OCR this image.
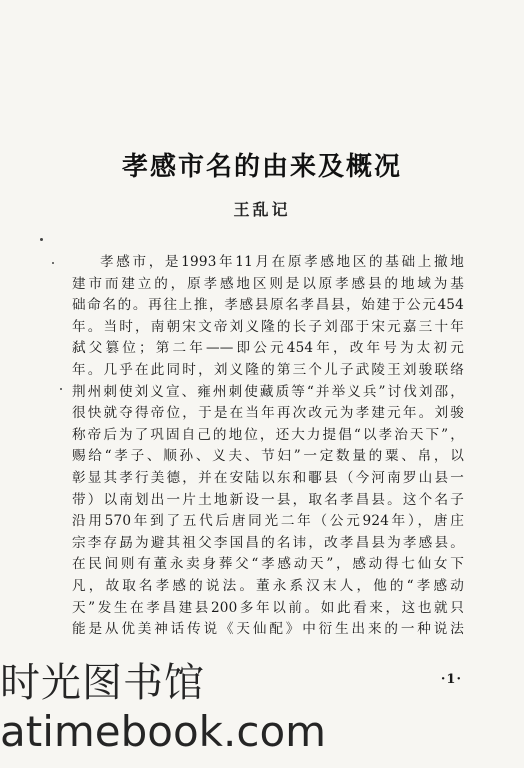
孝感市名的由来及概况
王乱记
孝感市，是1993年11月在原孝感地区的基础上撤地
建市而建立的，原孝感地区则是以原孝感县的地域为基
础命名的。再往上推，孝感县原名孝昌县，始建于公元454
年。当时，南朝宋文帝刘义隆的长子刘邵于宋元嘉三十年
弑父篡位；第二年——即公元454年，改年号为太初元
年。几乎在此同时，刘义隆的第三个儿子武陵王刘骏联络
荆州刺使刘义宣、雍州刺使藏质等“并举义兵”讨伐刘邵，
很快就夺得帝位，于是在当年再次改元为孝建元年。刘骏
称帝后为了巩固自己的地位，还大力提倡“以孝治天下”，
赐给“孝子、顺孙、义夫、节妇”一定数量的粟、帛，以
彰显其孝行美德，并在安陆以东和鄳县（今河南罗山县一
带）以南划出一片土地新设一县，取名孝昌县。这个名子
沿用570年到了五代后唐同光二年（公元924年），唐庄
宗李存勗为避其祖父李国昌的名讳，改孝昌县为孝感县。
在民间则有董永卖身葬父“孝感动天”，感动得七仙女下
凡，故取名孝感的说法。董永系汉末人，他的“孝感动
天”发生在孝昌建县200多年以前。如此看来，这也就只
能是从优美神话传说《天仙配》中衍生出来的一种说法
·1·
时光图书馆
atimebook.com
